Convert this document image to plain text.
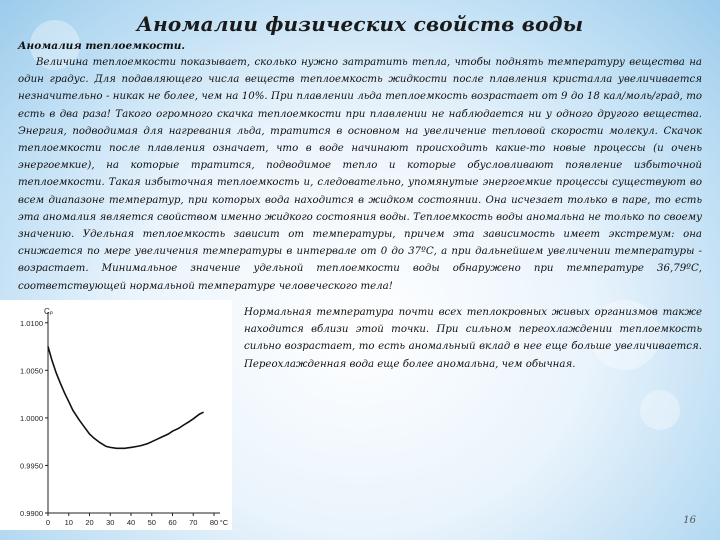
Аномалии физических свойств воды
Аномалия теплоемкости.

Величина теплоемкости показывает, сколько нужно затратить тепла, чтобы поднять температуру вещества на один градус. Для подавляющего числа веществ теплоемкость жидкости после плавления кристалла увеличивается незначительно - никак не более, чем на 10%. При плавлении льда теплоемкость возрастает от 9 до 18 кал/моль/град, то есть в два раза! Такого огромного скачка теплоемкости при плавлении не наблюдается ни у одного другого вещества. Энергия, подводимая для нагревания льда, тратится в основном на увеличение тепловой скорости молекул. Скачок теплоемкости после плавления означает, что в воде начинают происходить какие-то новые процессы (и очень энергоемкие), на которые тратится, подводимое тепло и которые обусловливают появление избыточной теплоемкости. Такая избыточная теплоемкость и, следовательно, упомянутые энергоемкие процессы существуют во всем диапазоне температур, при которых вода находится в жидком состоянии. Она исчезает только в паре, то есть эта аномалия является свойством именно жидкого состояния воды. Теплоемкость воды аномальна не только по своему значению. Удельная теплоемкость зависит от температуры, причем эта зависимость имеет экстремум: она снижается по мере увеличения температуры в интервале от 0 до 37ºС, а при дальнейшем увеличении температуры - возрастает. Минимальное значение удельной теплоемкости воды обнаружено при температуре 36,79ºС, соответствующей нормальной температуре человеческого тела!

Нормальная температура почти всех теплокровных живых организмов также находится вблизи этой точки. При сильном переохлаждении теплоемкость сильно возрастает, то есть аномальный вклад в нее еще больше увеличивается. Переохлажденная вода еще более аномальна, чем обычная.

0.9900
0.9950
1.0000
1.0050
1.0100
0 10 20 30 40 50 60 70 80 °C
Cₚ
16
